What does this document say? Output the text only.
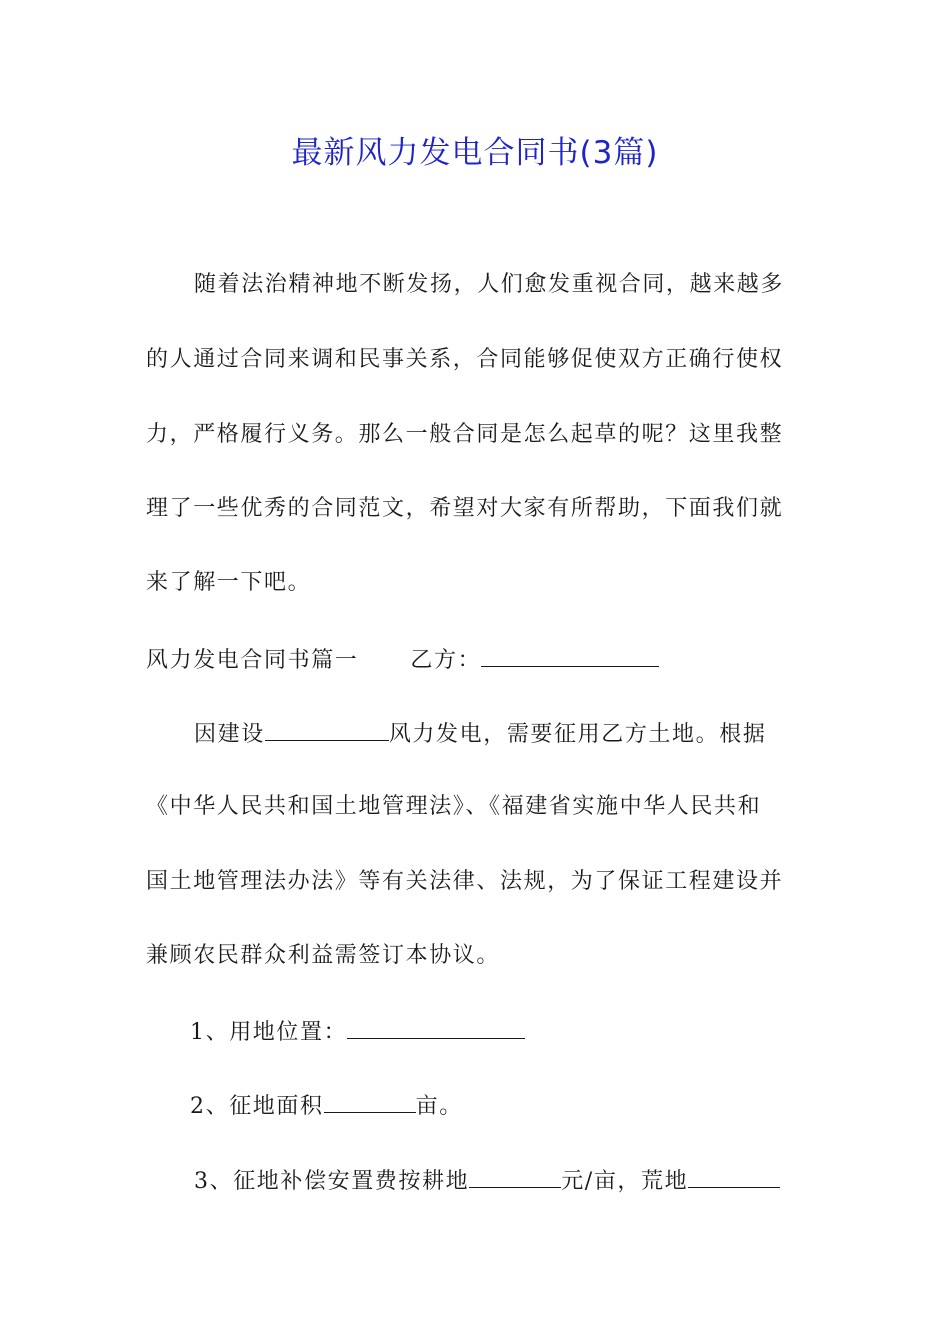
最新风力发电合同书(3篇)
随着法治精神地不断发扬，人们愈发重视合同，越来越多
的人通过合同来调和民事关系，合同能够促使双方正确行使权
力，严格履行义务。那么一般合同是怎么起草的呢？这里我整
理了一些优秀的合同范文，希望对大家有所帮助，下面我们就
来了解一下吧。
风力发电合同书篇一 乙方：
因建设	风力发电，需要征用乙方土地。根据
《中华人民共和国土地管理法》、《福建省实施中华人民共和
国土地管理法办法》等有关法律、法规，为了保证工程建设并
兼顾农民群众利益需签订本协议。
1、用地位置：
2、征地面积	亩。
3、征地补偿安置费按耕地	元/亩，荒地
